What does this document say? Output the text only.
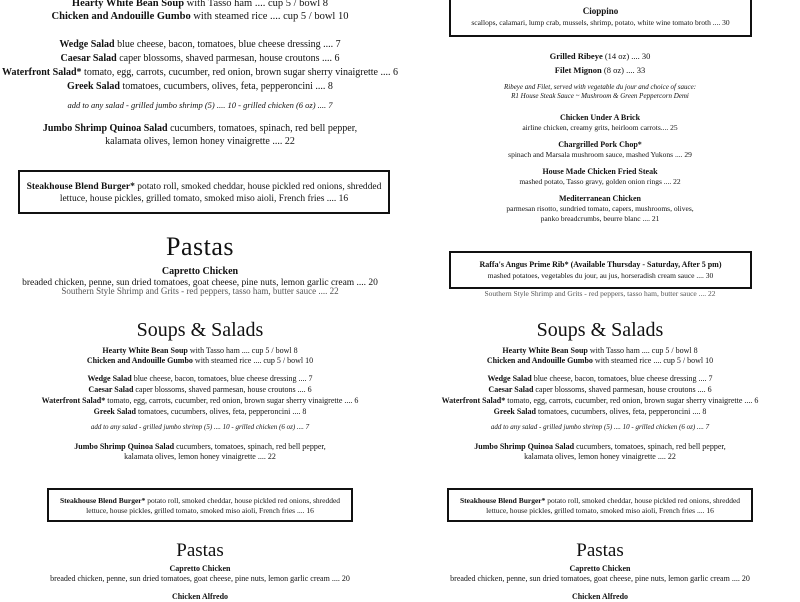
Hearty White Bean Soup with Tasso ham .... cup 5 / bowl 8
Chicken and Andouille Gumbo with steamed rice .... cup 5 / bowl 10
Wedge Salad blue cheese, bacon, tomatoes, blue cheese dressing .... 7
Caesar Salad caper blossoms, shaved parmesan, house croutons .... 6
Waterfront Salad* tomato, egg, carrots, cucumber, red onion, brown sugar sherry vinaigrette .... 6
Greek Salad tomatoes, cucumbers, olives, feta, pepperoncini .... 8
add to any salad - grilled jumbo shrimp (5) .... 10 - grilled chicken (6 oz) .... 7
Jumbo Shrimp Quinoa Salad cucumbers, tomatoes, spinach, red bell pepper,
kalamata olives, lemon honey vinaigrette .... 22
Steakhouse Blend Burger* potato roll, smoked cheddar, house pickled red onions, shredded
lettuce, house pickles, grilled tomato, smoked miso aioli, French fries .... 16
Pastas
Capretto Chicken
breaded chicken, penne, sun dried tomatoes, goat cheese, pine nuts, lemon garlic cream .... 20
Southern Style Shrimp and Grits - red peppers, tasso ham, butter sauce .... 22
Cioppino
scallops, calamari, lump crab, mussels, shrimp, potato, white wine tomato broth .... 30
Grilled Ribeye (14 oz) .... 30
Filet Mignon (8 oz) .... 33
Ribeye and Filet, served with vegetable du jour and choice of sauce:
R1 House Steak Sauce ~ Mushroom & Green Peppercorn Demi
Chicken Under A Brick
airline chicken, creamy grits, heirloom carrots.... 25
Chargrilled Pork Chop*
spinach and Marsala mushroom sauce, mashed Yukons .... 29
House Made Chicken Fried Steak
mashed potato, Tasso gravy, golden onion rings .... 22
Mediterranean Chicken
parmesan risotto, sundried tomato, capers, mushrooms, olives,
panko breadcrumbs, beurre blanc .... 21
Raffa's Angus Prime Rib* (Available Thursday - Saturday, After 5 pm)
mashed potatoes, vegetables du jour, au jus, horseradish cream sauce .... 30
Southern Style Shrimp and Grits - red peppers, tasso ham, butter sauce .... 22
Soups & Salads
Hearty White Bean Soup with Tasso ham .... cup 5 / bowl 8
Chicken and Andouille Gumbo with steamed rice .... cup 5 / bowl 10
Wedge Salad blue cheese, bacon, tomatoes, blue cheese dressing .... 7
Caesar Salad caper blossoms, shaved parmesan, house croutons .... 6
Waterfront Salad* tomato, egg, carrots, cucumber, red onion, brown sugar sherry vinaigrette .... 6
Greek Salad tomatoes, cucumbers, olives, feta, pepperoncini .... 8
add to any salad - grilled jumbo shrimp (5) .... 10 - grilled chicken (6 oz) .... 7
Jumbo Shrimp Quinoa Salad cucumbers, tomatoes, spinach, red bell pepper,
kalamata olives, lemon honey vinaigrette .... 22
Steakhouse Blend Burger* potato roll, smoked cheddar, house pickled red onions, shredded
lettuce, house pickles, grilled tomato, smoked miso aioli, French fries .... 16
Pastas
Capretto Chicken
breaded chicken, penne, sun dried tomatoes, goat cheese, pine nuts, lemon garlic cream .... 20
Chicken Alfredo
Soups & Salads
Hearty White Bean Soup with Tasso ham .... cup 5 / bowl 8
Chicken and Andouille Gumbo with steamed rice .... cup 5 / bowl 10
Wedge Salad blue cheese, bacon, tomatoes, blue cheese dressing .... 7
Caesar Salad caper blossoms, shaved parmesan, house croutons .... 6
Waterfront Salad* tomato, egg, carrots, cucumber, red onion, brown sugar sherry vinaigrette .... 6
Greek Salad tomatoes, cucumbers, olives, feta, pepperoncini .... 8
add to any salad - grilled jumbo shrimp (5) .... 10 - grilled chicken (6 oz) .... 7
Jumbo Shrimp Quinoa Salad cucumbers, tomatoes, spinach, red bell pepper,
kalamata olives, lemon honey vinaigrette .... 22
Steakhouse Blend Burger* potato roll, smoked cheddar, house pickled red onions, shredded
lettuce, house pickles, grilled tomato, smoked miso aioli, French fries .... 16
Pastas
Capretto Chicken
breaded chicken, penne, sun dried tomatoes, goat cheese, pine nuts, lemon garlic cream .... 20
Chicken Alfredo
